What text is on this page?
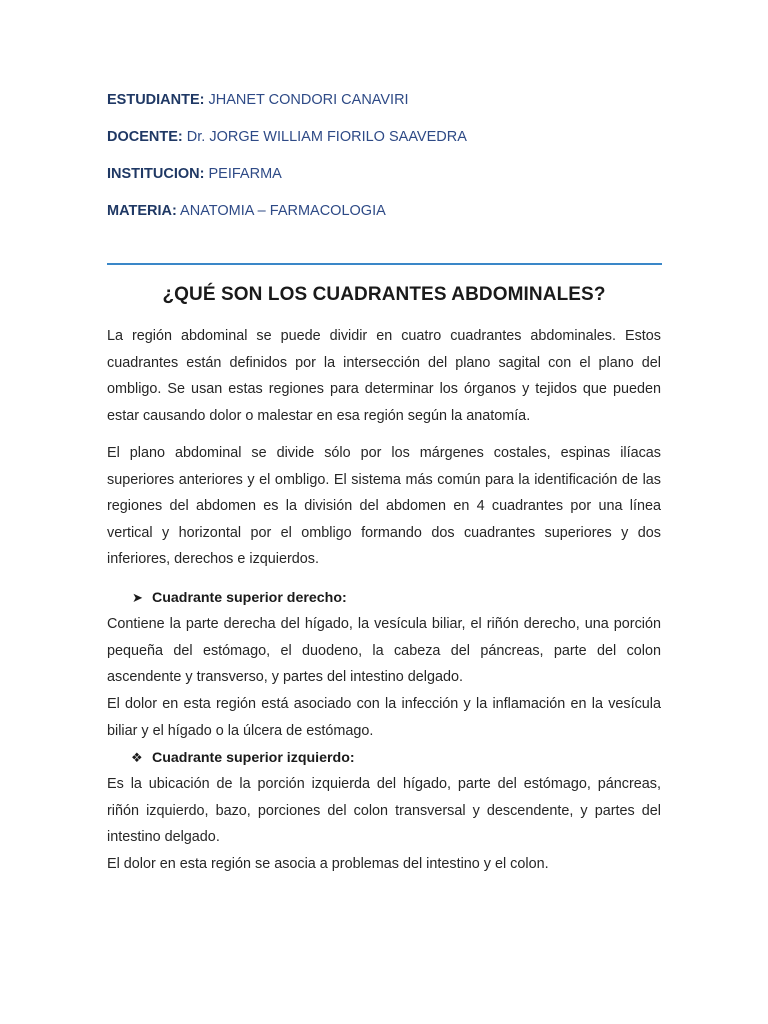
ESTUDIANTE: JHANET CONDORI CANAVIRI
DOCENTE: Dr. JORGE WILLIAM FIORILO SAAVEDRA
INSTITUCION: PEIFARMA
MATERIA: ANATOMIA – FARMACOLOGIA
¿QUÉ SON LOS CUADRANTES ABDOMINALES?

La región abdominal se puede dividir en cuatro cuadrantes abdominales. Estos cuadrantes están definidos por la intersección del plano sagital con el plano del ombligo. Se usan estas regiones para determinar los órganos y tejidos que pueden estar causando dolor o malestar en esa región según la anatomía.

El plano abdominal se divide sólo por los márgenes costales, espinas ilíacas superiores anteriores y el ombligo. El sistema más común para la identificación de las regiones del abdomen es la división del abdomen en 4 cuadrantes por una línea vertical y horizontal por el ombligo formando dos cuadrantes superiores y dos inferiores, derechos e izquierdos.

➤ Cuadrante superior derecho:

Contiene la parte derecha del hígado, la vesícula biliar, el riñón derecho, una porción pequeña del estómago, el duodeno, la cabeza del páncreas, parte del colon ascendente y transverso, y partes del intestino delgado.

El dolor en esta región está asociado con la infección y la inflamación en la vesícula biliar y el hígado o la úlcera de estómago.

❖ Cuadrante superior izquierdo:

Es la ubicación de la porción izquierda del hígado, parte del estómago, páncreas, riñón izquierdo, bazo, porciones del colon transversal y descendente, y partes del intestino delgado.

El dolor en esta región se asocia a problemas del intestino y el colon.
